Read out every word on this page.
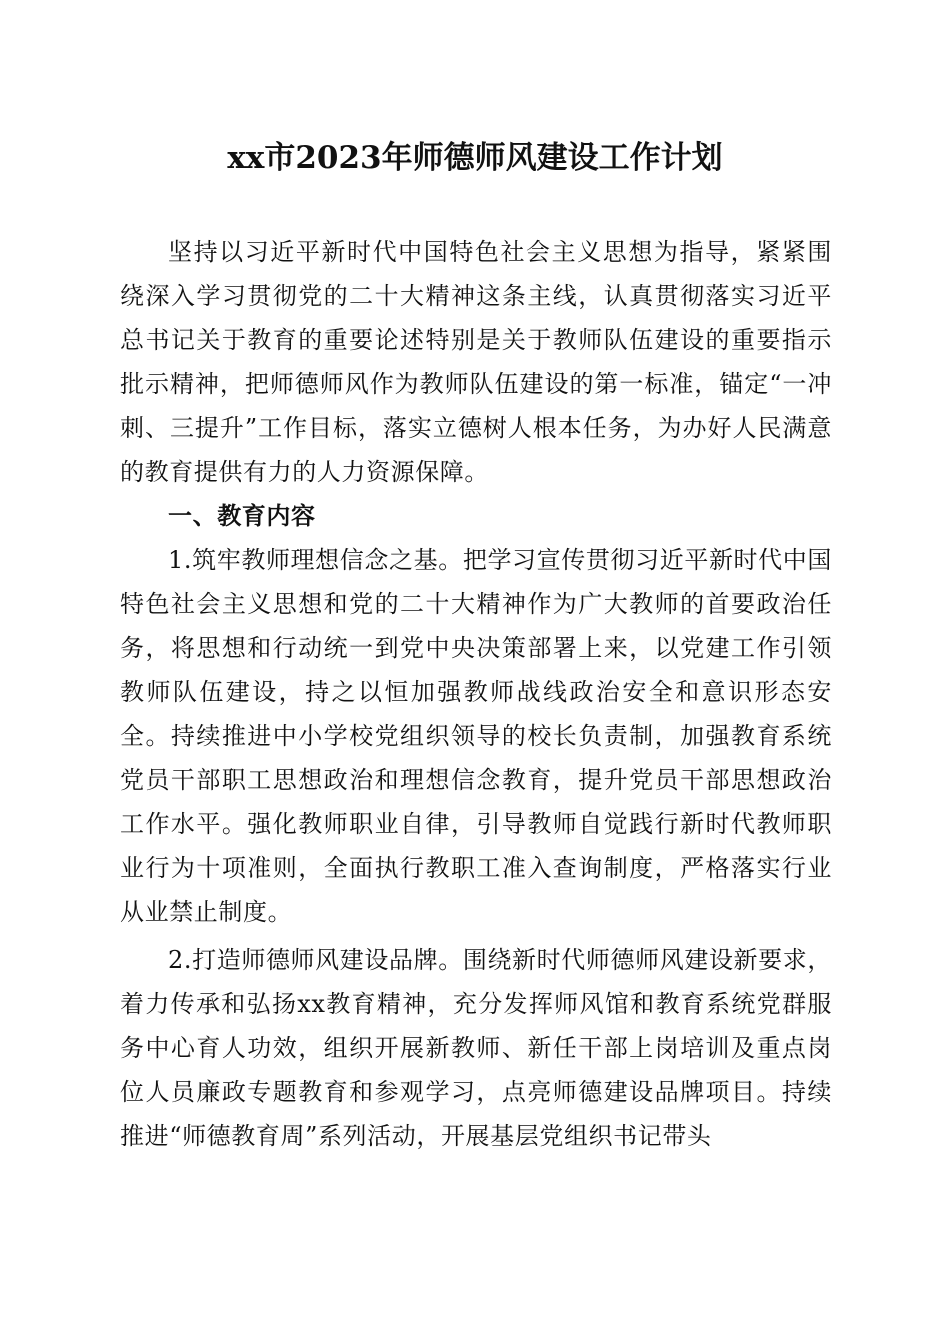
xx市2023年师德师风建设工作计划

坚持以习近平新时代中国特色社会主义思想为指导，紧紧围绕深入学习贯彻党的二十大精神这条主线，认真贯彻落实习近平总书记关于教育的重要论述特别是关于教师队伍建设的重要指示批示精神，把师德师风作为教师队伍建设的第一标准，锚定“一冲刺、三提升”工作目标，落实立德树人根本任务，为办好人民满意的教育提供有力的人力资源保障。

一、教育内容

1.筑牢教师理想信念之基。把学习宣传贯彻习近平新时代中国特色社会主义思想和党的二十大精神作为广大教师的首要政治任务，将思想和行动统一到党中央决策部署上来，以党建工作引领教师队伍建设，持之以恒加强教师战线政治安全和意识形态安全。持续推进中小学校党组织领导的校长负责制，加强教育系统党员干部职工思想政治和理想信念教育，提升党员干部思想政治工作水平。强化教师职业自律，引导教师自觉践行新时代教师职业行为十项准则，全面执行教职工准入查询制度，严格落实行业从业禁止制度。

2.打造师德师风建设品牌。围绕新时代师德师风建设新要求，着力传承和弘扬xx教育精神，充分发挥师风馆和教育系统党群服务中心育人功效，组织开展新教师、新任干部上岗培训及重点岗位人员廉政专题教育和参观学习，点亮师德建设品牌项目。持续推进“师德教育周”系列活动，开展基层党组织书记带头
